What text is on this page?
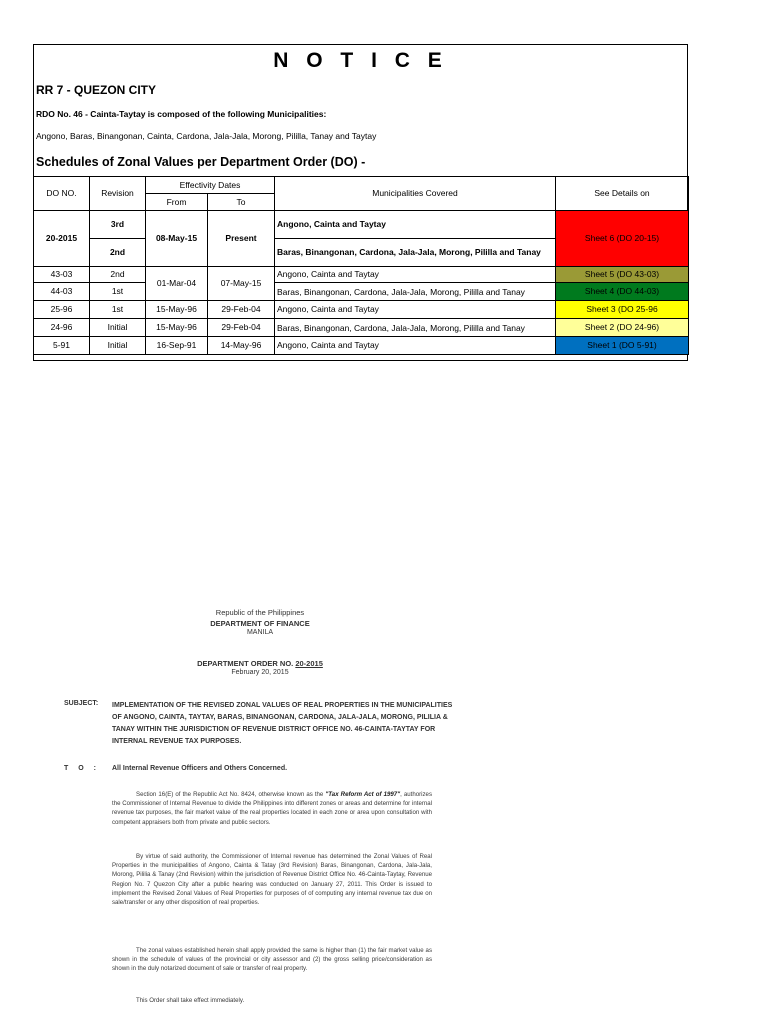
N O T I C E
RR 7 - QUEZON CITY
RDO No. 46 - Cainta-Taytay is composed of the following Municipalities:
Angono, Baras, Binangonan, Cainta, Cardona, Jala-Jala, Morong, Pililla, Tanay and Taytay
Schedules of Zonal Values per Department Order (DO) -
DO NO.	Revision	Effectivity Dates		Municipalities Covered	See Details on
		From	To		
20-2015	3rd	08-May-15	Present	Angono, Cainta and Taytay	Sheet 6 (DO 20-15)
	2nd			Baras, Binangonan, Cardona, Jala-Jala, Morong, Pililla and Tanay	
43-03	2nd	01-Mar-04	07-May-15	Angono, Cainta and Taytay	Sheet 5 (DO 43-03)
44-03	1st			Baras, Binangonan, Cardona, Jala-Jala, Morong, Pililla and Tanay	Sheet 4 (DO 44-03)
25-96	1st	15-May-96	29-Feb-04	Angono, Cainta and Taytay	Sheet 3 (DO 25-96
24-96	Initial	15-May-96	29-Feb-04	Baras, Binangonan, Cardona, Jala-Jala, Morong, Pililla and Tanay	Sheet 2 (DO 24-96)
5-91	Initial	16-Sep-91	14-May-96	Angono, Cainta and Taytay	Sheet 1 (DO 5-91)
Republic of the Philippines
DEPARTMENT OF FINANCE
MANILA
DEPARTMENT ORDER NO. 20-2015
February 20, 2015
SUBJECT: IMPLEMENTATION OF THE REVISED ZONAL VALUES OF REAL PROPERTIES IN THE MUNICIPALITIES OF ANGONO, CAINTA, TAYTAY, BARAS, BINANGONAN, CARDONA, JALA-JALA, MORONG, PILILIA & TANAY WITHIN THE JURISDICTION OF REVENUE DISTRICT OFFICE NO. 46-CAINTA-TAYTAY FOR INTERNAL REVENUE TAX PURPOSES.
T O : All Internal Revenue Officers and Others Concerned.
Section 16(E) of the Republic Act No. 8424, otherwise known as the "Tax Reform Act of 1997", authorizes the Commissioner of Internal Revenue to divide the Philippines into different zones or areas and determine for internal revenue tax purposes, the fair market value of the real properties located in each zone or area upon consultation with competent appraisers both from private and public sectors.
By virtue of said authority, the Commissioner of Internal revenue has determined the Zonal Values of Real Properties in the municipalities of Angono, Cainta & Tatay (3rd Revision) Baras, Binangonan, Cardona, Jala-Jala, Morong, Pililia & Tanay (2nd Revision) within the jurisdiction of Revenue District Office No. 46-Cainta-Taytay, Revenue Region No. 7 Quezon City after a public hearing was conducted on January 27, 2011. This Order is issued to implement the Revised Zonal Values of Real Properties for purposes of of computing any internal revenue tax due on sale/transfer or any other disposition of real properties.
The zonal values established herein shall apply provided the same is higher than (1) the fair market value as shown in the schedule of values of the provincial or city assessor and (2) the gross selling price/consideration as shown in the duly notarized document of sale or transfer of real property.
This Order shall take effect immediately.
